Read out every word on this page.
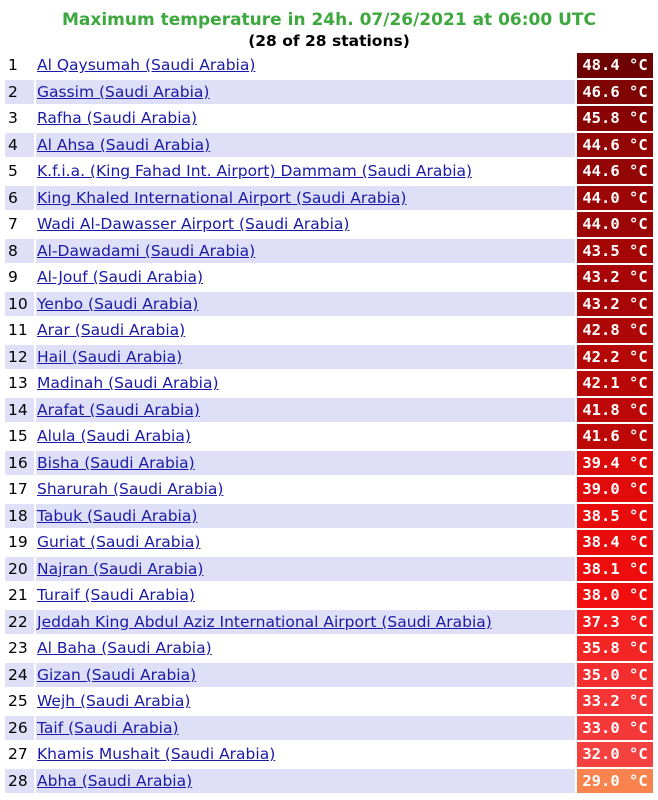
Maximum temperature in 24h. 07/26/2021 at 06:00 UTC
(28 of 28 stations)
1	Al Qaysumah (Saudi Arabia)	48.4 °C
2	Gassim (Saudi Arabia)	46.6 °C
3	Rafha (Saudi Arabia)	45.8 °C
4	Al Ahsa (Saudi Arabia)	44.6 °C
5	K.f.i.a. (King Fahad Int. Airport) Dammam (Saudi Arabia)	44.6 °C
6	King Khaled International Airport (Saudi Arabia)	44.0 °C
7	Wadi Al-Dawasser Airport (Saudi Arabia)	44.0 °C
8	Al-Dawadami (Saudi Arabia)	43.5 °C
9	Al-Jouf (Saudi Arabia)	43.2 °C
10	Yenbo (Saudi Arabia)	43.2 °C
11	Arar (Saudi Arabia)	42.8 °C
12	Hail (Saudi Arabia)	42.2 °C
13	Madinah (Saudi Arabia)	42.1 °C
14	Arafat (Saudi Arabia)	41.8 °C
15	Alula (Saudi Arabia)	41.6 °C
16	Bisha (Saudi Arabia)	39.4 °C
17	Sharurah (Saudi Arabia)	39.0 °C
18	Tabuk (Saudi Arabia)	38.5 °C
19	Guriat (Saudi Arabia)	38.4 °C
20	Najran (Saudi Arabia)	38.1 °C
21	Turaif (Saudi Arabia)	38.0 °C
22	Jeddah King Abdul Aziz International Airport (Saudi Arabia)	37.3 °C
23	Al Baha (Saudi Arabia)	35.8 °C
24	Gizan (Saudi Arabia)	35.0 °C
25	Wejh (Saudi Arabia)	33.2 °C
26	Taif (Saudi Arabia)	33.0 °C
27	Khamis Mushait (Saudi Arabia)	32.0 °C
28	Abha (Saudi Arabia)	29.0 °C
